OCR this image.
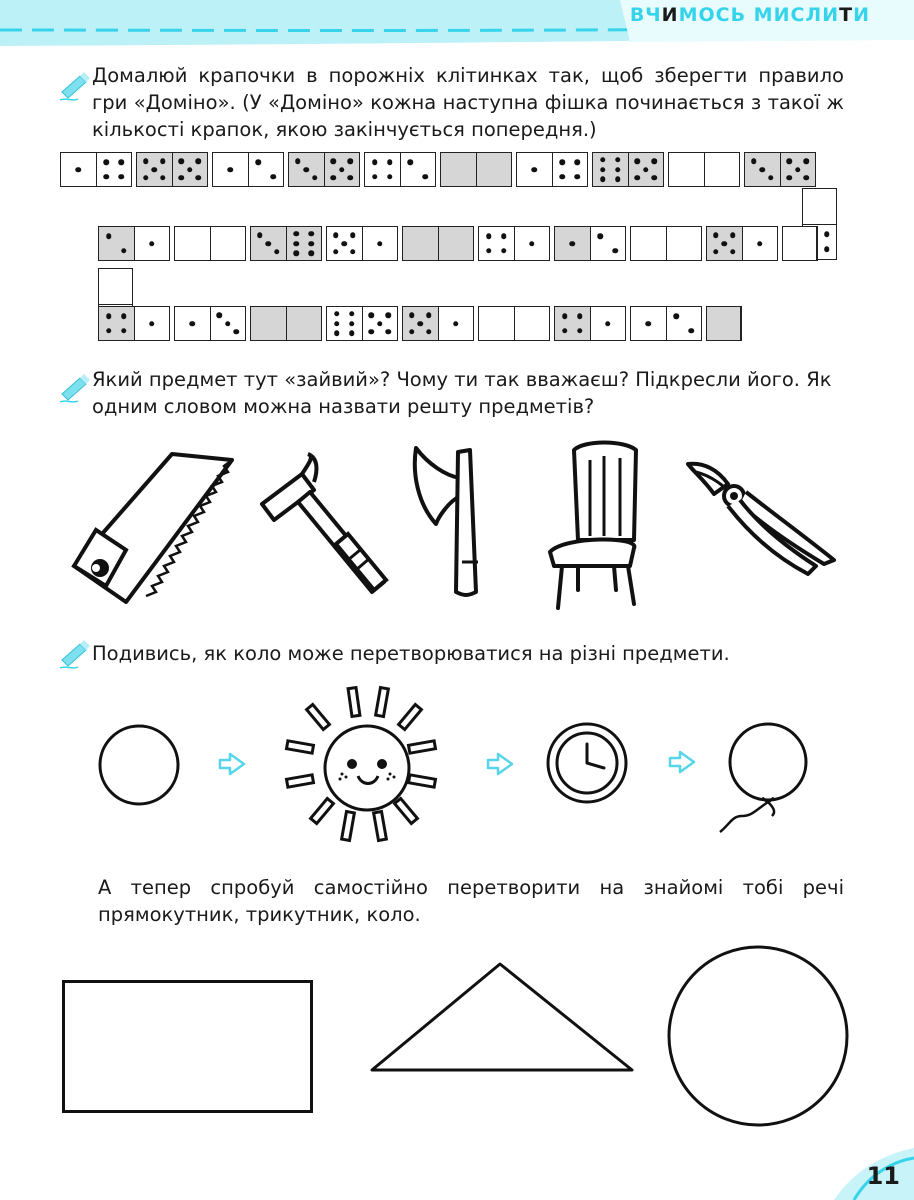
ВЧИМОСЬ МИСЛИТИ
Домалюй крапочки в порожніх клітинках так, щоб зберегти правило гри «Доміно». (У «Доміно» кожна наступна фішка починається з такої ж кількості крапок, якою закінчується попередня.)
Який предмет тут «зайвий»? Чому ти так вважаєш? Підкресли його. Як одним словом можна назвати решту предметів?
Подивись, як коло може перетворюватися на різні предмети.
А тепер спробуй самостійно перетворити на знайомі тобі речі прямокутник, трикутник, коло.
11
